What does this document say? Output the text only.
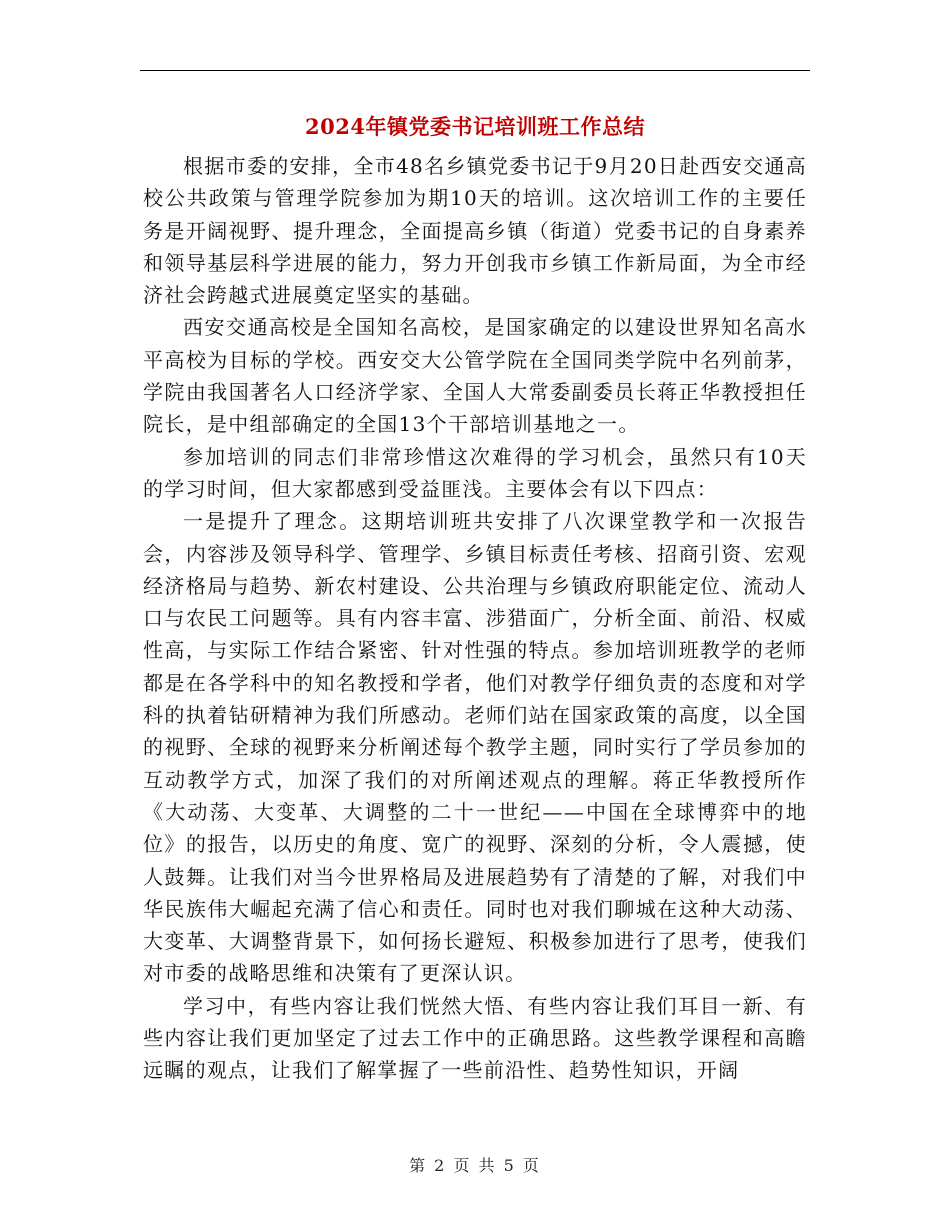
2024年镇党委书记培训班工作总结

根据市委的安排，全市48名乡镇党委书记于9月20日赴西安交通高校公共政策与管理学院参加为期10天的培训。这次培训工作的主要任务是开阔视野、提升理念，全面提高乡镇（街道）党委书记的自身素养和领导基层科学进展的能力，努力开创我市乡镇工作新局面，为全市经济社会跨越式进展奠定坚实的基础。

西安交通高校是全国知名高校，是国家确定的以建设世界知名高水平高校为目标的学校。西安交大公管学院在全国同类学院中名列前茅，学院由我国著名人口经济学家、全国人大常委副委员长蒋正华教授担任院长，是中组部确定的全国13个干部培训基地之一。

参加培训的同志们非常珍惜这次难得的学习机会，虽然只有10天的学习时间，但大家都感到受益匪浅。主要体会有以下四点：

一是提升了理念。这期培训班共安排了八次课堂教学和一次报告会，内容涉及领导科学、管理学、乡镇目标责任考核、招商引资、宏观经济格局与趋势、新农村建设、公共治理与乡镇政府职能定位、流动人口与农民工问题等。具有内容丰富、涉猎面广，分析全面、前沿、权威性高，与实际工作结合紧密、针对性强的特点。参加培训班教学的老师都是在各学科中的知名教授和学者，他们对教学仔细负责的态度和对学科的执着钻研精神为我们所感动。老师们站在国家政策的高度，以全国的视野、全球的视野来分析阐述每个教学主题，同时实行了学员参加的互动教学方式，加深了我们的对所阐述观点的理解。蒋正华教授所作《大动荡、大变革、大调整的二十一世纪——中国在全球博弈中的地位》的报告，以历史的角度、宽广的视野、深刻的分析，令人震撼，使人鼓舞。让我们对当今世界格局及进展趋势有了清楚的了解，对我们中华民族伟大崛起充满了信心和责任。同时也对我们聊城在这种大动荡、大变革、大调整背景下，如何扬长避短、积极参加进行了思考，使我们对市委的战略思维和决策有了更深认识。

学习中，有些内容让我们恍然大悟、有些内容让我们耳目一新、有些内容让我们更加坚定了过去工作中的正确思路。这些教学课程和高瞻远瞩的观点，让我们了解掌握了一些前沿性、趋势性知识，开阔

第 2 页 共 5 页
